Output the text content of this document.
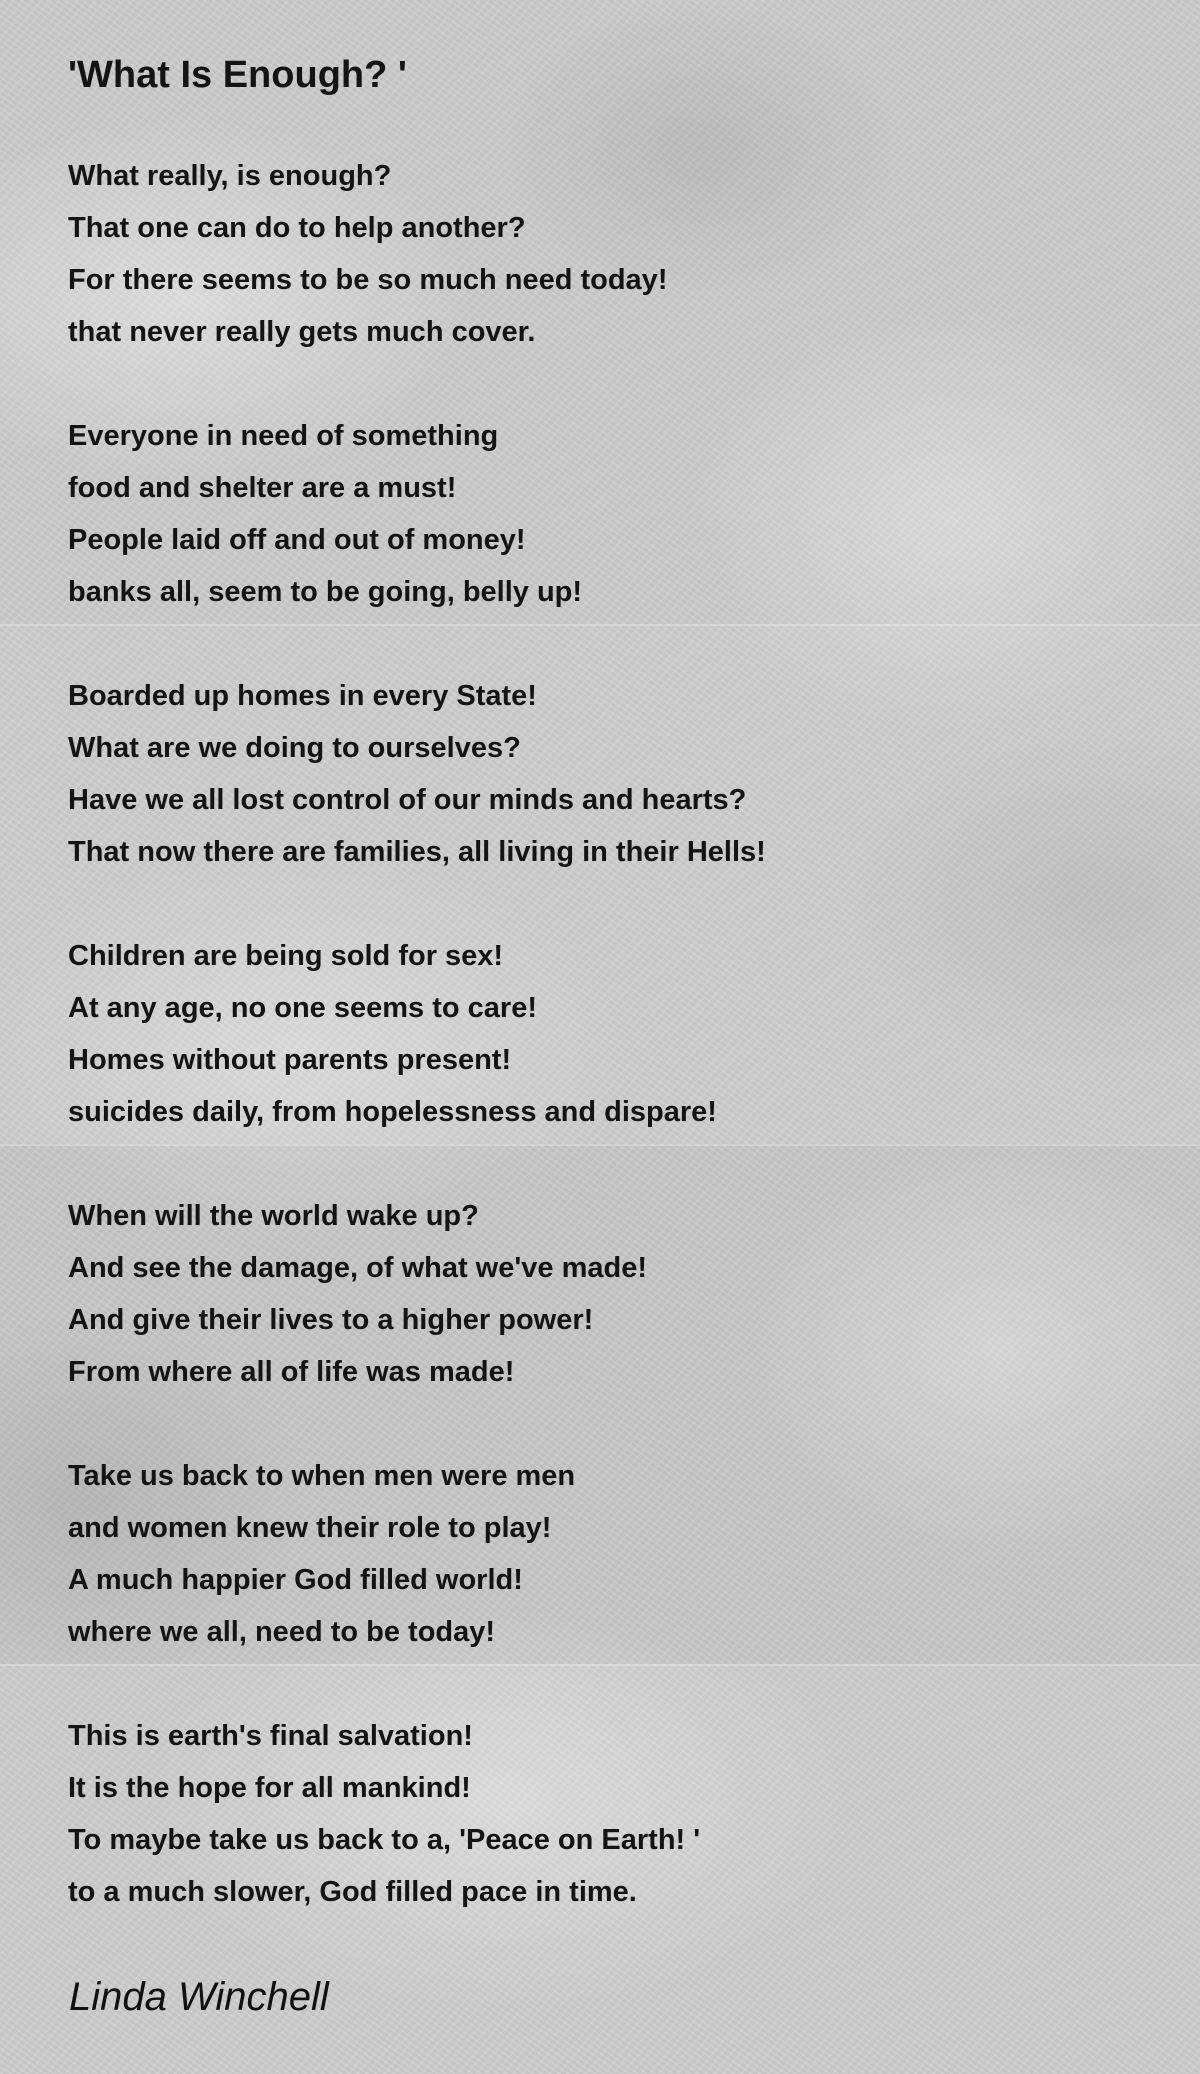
'What Is Enough? '
What really, is enough?
That one can do to help another?
For there seems to be so much need today!
that never really gets much cover.
Everyone in need of something
food and shelter are a must!
People laid off and out of money!
banks all, seem to be going, belly up!
Boarded up homes in every State!
What are we doing to ourselves?
Have we all lost control of our minds and hearts?
That now there are families, all living in their Hells!
Children are being sold for sex!
At any age, no one seems to care!
Homes without parents present!
suicides daily, from hopelessness and dispare!
When will the world wake up?
And see the damage, of what we've made!
And give their lives to a higher power!
From where all of life was made!
Take us back to when men were men
and women knew their role to play!
A much happier God filled world!
where we all, need to be today!
This is earth's final salvation!
It is the hope for all mankind!
To maybe take us back to a, 'Peace on Earth! '
to a much slower, God filled pace in time.
Linda Winchell
